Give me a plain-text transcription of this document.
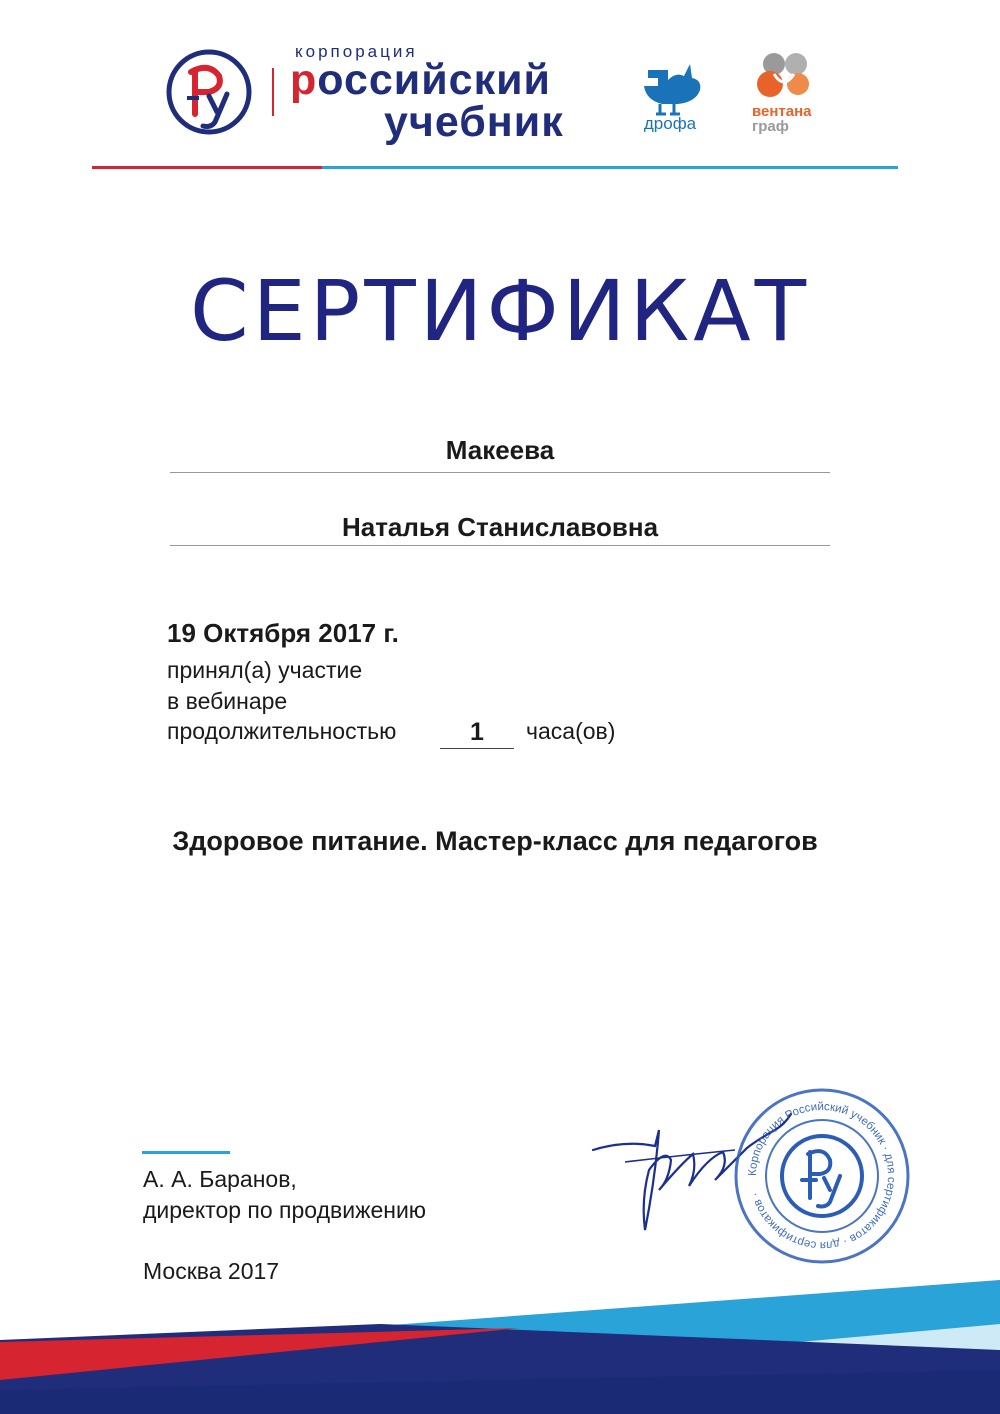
корпорация
российский
учебник	дрофа
вентана
граф
СЕРТИФИКАТ
Макеева
Наталья Станиславовна
19 Октября 2017 г.
принял(а) участие
в вебинаре
продолжительностью	1	часа(ов)
Здоровое питание. Мастер-класс для педагогов
А. А. Баранов,
директор по продвижению
Москва 2017
Корпорация Российский учебник · для сертификатов · для сертификатов ·
